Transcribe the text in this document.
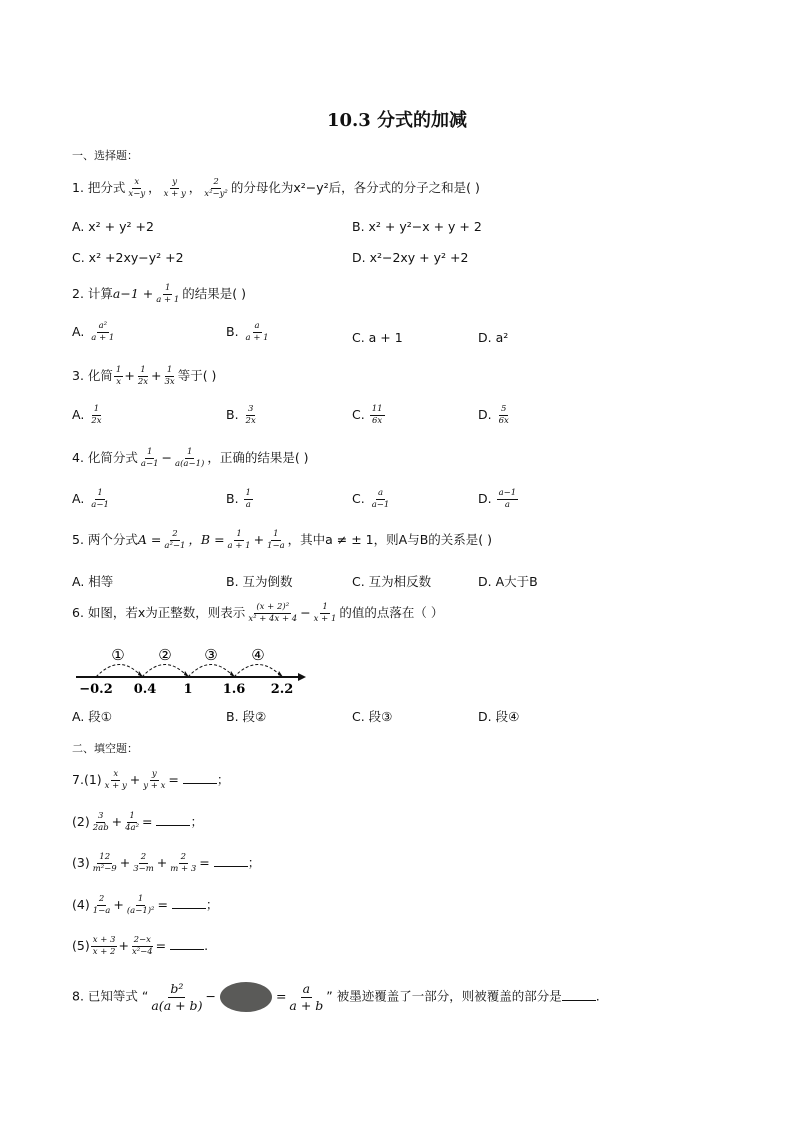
10.3 分式的加减
一、选择题：
1. 把分式 $\frac{x}{x-y}$ ， $\frac{y}{x + y}$ ， $\frac{2}{\text{x²−y²}}$ 的分母化为x²−y²后，各分式的分子之和是( )
A. x² + y² +2	B. x² + y²−x + y + 2
C. x² +2xy−y² +2	D. x²−2xy + y² +2
2. 计算$a-1 + \frac{1}{a + 1}$ 的结果是( )
A. $\frac{\text{a²}}{a + 1}$	B. $\frac{a}{a + 1}$	C. a + 1	D. a²
3. 化简 $\frac{1}{x} + \frac{1}{2x} + \frac{1}{3x}$ 等于( )
A. $\frac{1}{2x}$	B. $\frac{3}{2x}$	C. $\frac{11}{6x}$	D. $\frac{5}{6x}$
4. 化简分式 $\frac{1}{a-1} - \frac{1}{a(a-1)}$ ，正确的结果是( )
A. $\frac{1}{a-1}$	B. $\frac{1}{a}$	C. $\frac{a}{a-1}$	D. $\frac{a-1}{a}$
5. 两个分式$A = \frac{2}{\text{a²−1}}$ ，$B = \frac{1}{a + 1} + \frac{1}{1-a}$ ，其中a ≠ ± 1，则A与B的关系是( )
A. 相等	B. 互为倒数	C. 互为相反数	D. A大于B
6. 如图，若x为正整数，则表示 $\frac{\text{(x + 2)²}}{\text{x² + 4x + 4}} - \frac{1}{x + 1}$ 的值的点落在（ ）
① ② ③ ④
−0.2 0.4 1 1.6 2.2
A. 段①	B. 段②	C. 段③	D. 段④
二、填空题：
$7.(1) \frac{x}{x + y} + \frac{y}{y + x}$ =	；
$(2) \frac{3}{2ab} + \frac{1}{\text{4a²}}$ =	；
$(3) \frac{12}{\text{m²−9}} + \frac{2}{3-m} + \frac{2}{m + 3}$ =	；
$(4) \frac{2}{1-a} + \frac{1}{\text{(a−1)²}}$ =	；
$(5) \frac{x + 3}{x + 2} + \frac{2-x}{\text{x²−4}}$ =	.
8. 已知等式 “ $\frac{\text{b²}}{a(a + b)}$ −	= $\frac{a}{a + b}$ ” 被墨迹覆盖了一部分，则被覆盖的部分是	.
